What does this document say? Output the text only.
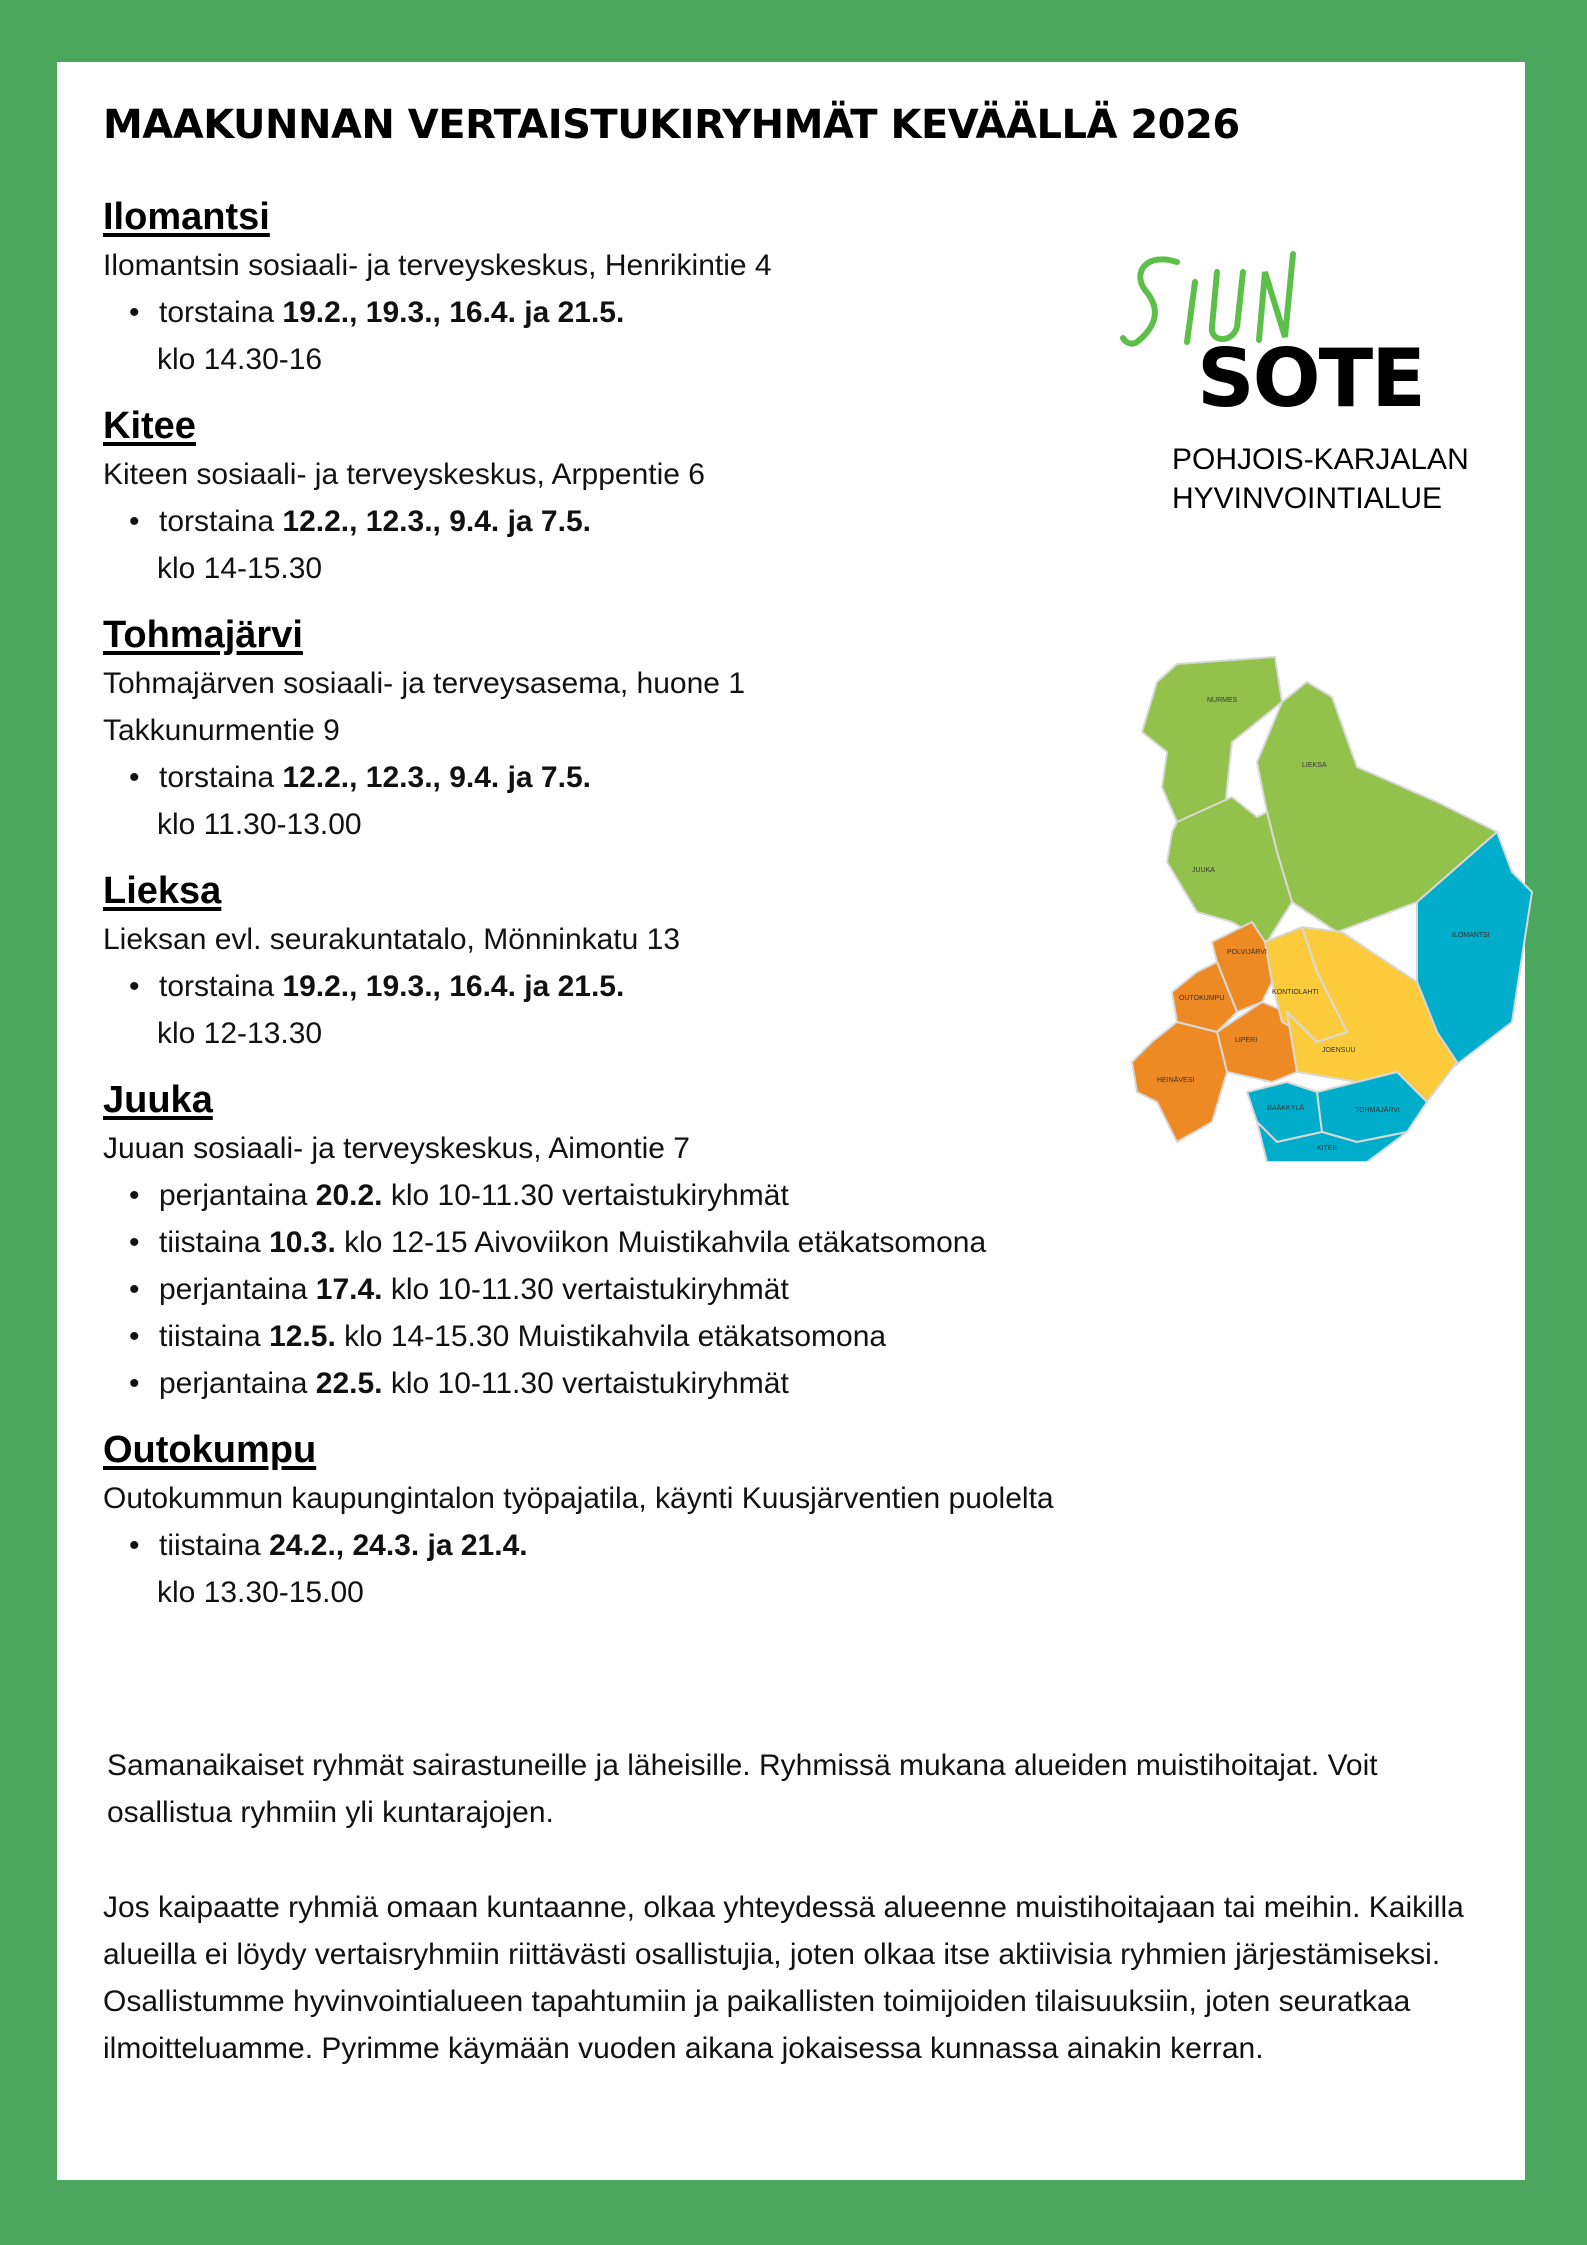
MAAKUNNAN VERTAISTUKIRYHMÄT KEVÄÄLLÄ 2026
Ilomantsi
Ilomantsin sosiaali- ja terveyskeskus, Henrikintie 4
• torstaina 19.2., 19.3., 16.4. ja 21.5.
klo 14.30-16
Kitee
Kiteen sosiaali- ja terveyskeskus, Arppentie 6
• torstaina 12.2., 12.3., 9.4. ja 7.5.
klo 14-15.30
Tohmajärvi
Tohmajärven sosiaali- ja terveysasema, huone 1
Takkunurmentie 9
• torstaina 12.2., 12.3., 9.4. ja 7.5.
klo 11.30-13.00
Lieksa
Lieksan evl. seurakuntatalo, Mönninkatu 13
• torstaina 19.2., 19.3., 16.4. ja 21.5.
klo 12-13.30
Juuka
Juuan sosiaali- ja terveyskeskus, Aimontie 7
• perjantaina 20.2. klo 10-11.30 vertaistukiryhmät
• tiistaina 10.3. klo 12-15 Aivoviikon Muistikahvila etäkatsomona
• perjantaina 17.4. klo 10-11.30 vertaistukiryhmät
• tiistaina 12.5. klo 14-15.30 Muistikahvila etäkatsomona
• perjantaina 22.5. klo 10-11.30 vertaistukiryhmät
Outokumpu
Outokummun kaupungintalon työpajatila, käynti Kuusjärventien puolelta
• tiistaina 24.2., 24.3. ja 21.4.
klo 13.30-15.00
SOTE
POHJOIS-KARJALAN
HYVINVOINTIALUE
NURMES
LIEKSA
JUUKA
ILOMANTSI
POLVIJÄRVI
OUTOKUMPU
KONTIOLAHTI
LIPERI
JOENSUU
HEINÄVESI
RÄÄKKYLÄ	TOHMAJÄRVI
KITEE
Samanaikaiset ryhmät sairastuneille ja läheisille. Ryhmissä mukana alueiden muistihoitajat. Voit osallistua ryhmiin yli kuntarajojen.
Jos kaipaatte ryhmiä omaan kuntaanne, olkaa yhteydessä alueenne muistihoitajaan tai meihin. Kaikilla alueilla ei löydy vertaisryhmiin riittävästi osallistujia, joten olkaa itse aktiivisia ryhmien järjestämiseksi. Osallistumme hyvinvointialueen tapahtumiin ja paikallisten toimijoiden tilaisuuksiin, joten seuratkaa ilmoitteluamme. Pyrimme käymään vuoden aikana jokaisessa kunnassa ainakin kerran.
